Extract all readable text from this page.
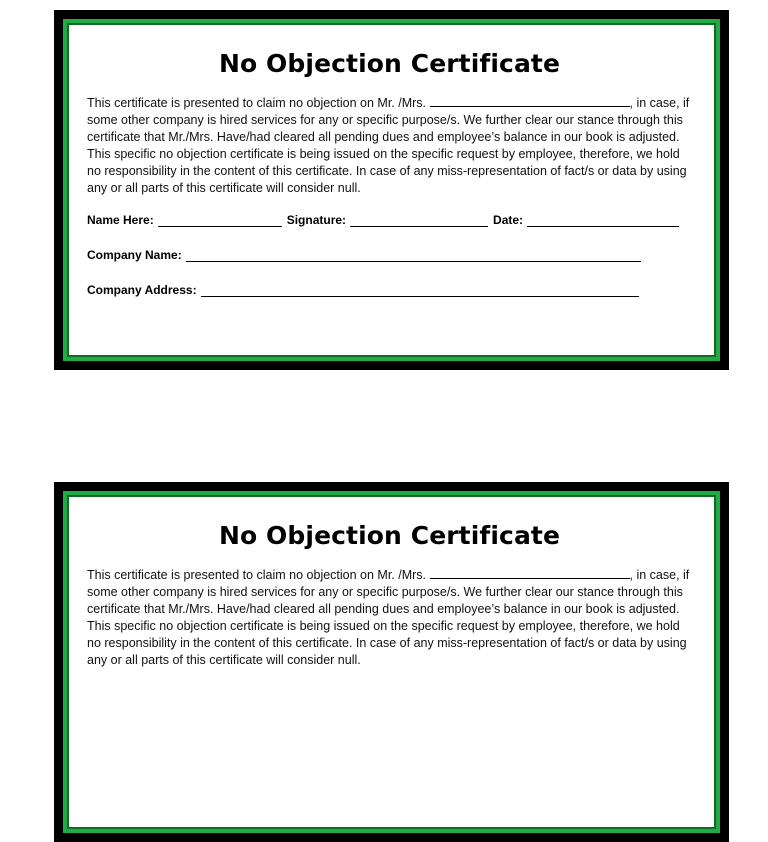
No Objection Certificate

This certificate is presented to claim no objection on Mr. /Mrs.	, in case, if some other company is hired services for any or specific purpose/s. We further clear our stance through this certificate that Mr./Mrs. Have/had cleared all pending dues and employee’s balance in our book is adjusted.

This specific no objection certificate is being issued on the specific request by employee, therefore, we hold no responsibility in the content of this certificate. In case of any miss-representation of fact/s or data by using any or all parts of this certificate will consider null.

Name Here:	Signature:	Date:
Company Name:
Company Address:
No Objection Certificate

This certificate is presented to claim no objection on Mr. /Mrs.	, in case, if some other company is hired services for any or specific purpose/s. We further clear our stance through this certificate that Mr./Mrs. Have/had cleared all pending dues and employee’s balance in our book is adjusted.

This specific no objection certificate is being issued on the specific request by employee, therefore, we hold no responsibility in the content of this certificate. In case of any miss-representation of fact/s or data by using any or all parts of this certificate will consider null.
